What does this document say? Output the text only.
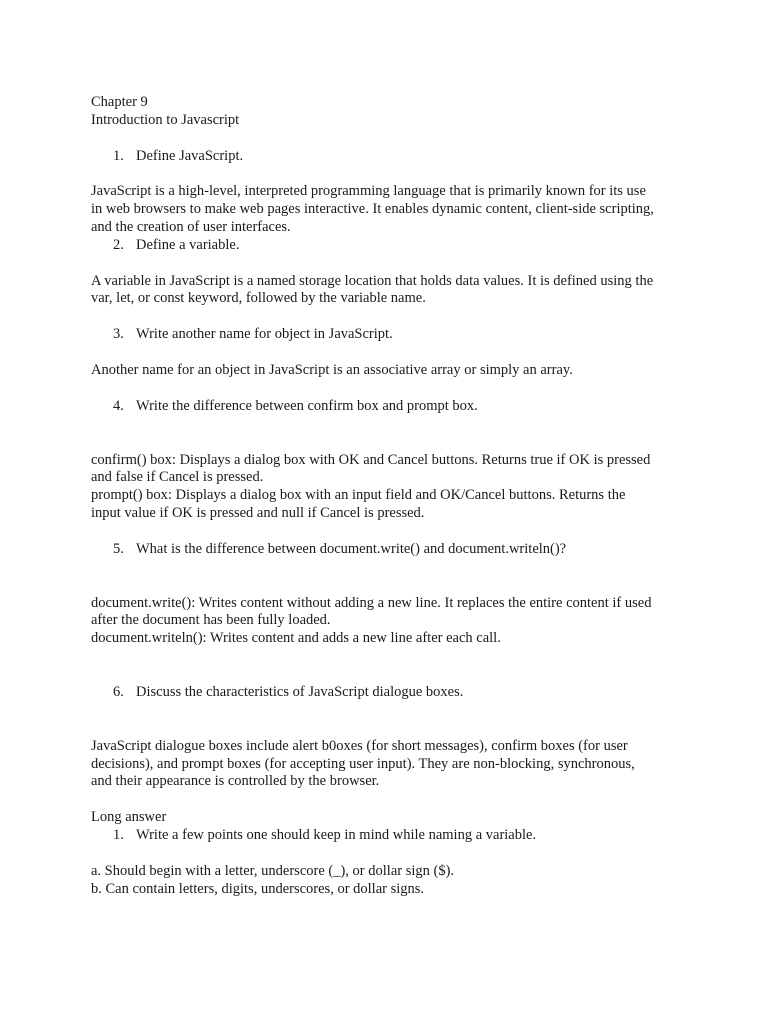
Chapter 9
Introduction to Javascript
1. Define JavaScript.
JavaScript is a high-level, interpreted programming language that is primarily known for its use
in web browsers to make web pages interactive. It enables dynamic content, client-side scripting,
and the creation of user interfaces.
2. Define a variable.
A variable in JavaScript is a named storage location that holds data values. It is defined using the
var, let, or const keyword, followed by the variable name.
3. Write another name for object in JavaScript.
Another name for an object in JavaScript is an associative array or simply an array.
4. Write the difference between confirm box and prompt box.
confirm() box: Displays a dialog box with OK and Cancel buttons. Returns true if OK is pressed
and false if Cancel is pressed.
prompt() box: Displays a dialog box with an input field and OK/Cancel buttons. Returns the
input value if OK is pressed and null if Cancel is pressed.
5. What is the difference between document.write() and document.writeln()?
document.write(): Writes content without adding a new line. It replaces the entire content if used
after the document has been fully loaded.
document.writeln(): Writes content and adds a new line after each call.
6. Discuss the characteristics of JavaScript dialogue boxes.
JavaScript dialogue boxes include alert b0oxes (for short messages), confirm boxes (for user
decisions), and prompt boxes (for accepting user input). They are non-blocking, synchronous,
and their appearance is controlled by the browser.
Long answer
1. Write a few points one should keep in mind while naming a variable.
a. Should begin with a letter, underscore (_), or dollar sign ($).
b. Can contain letters, digits, underscores, or dollar signs.
